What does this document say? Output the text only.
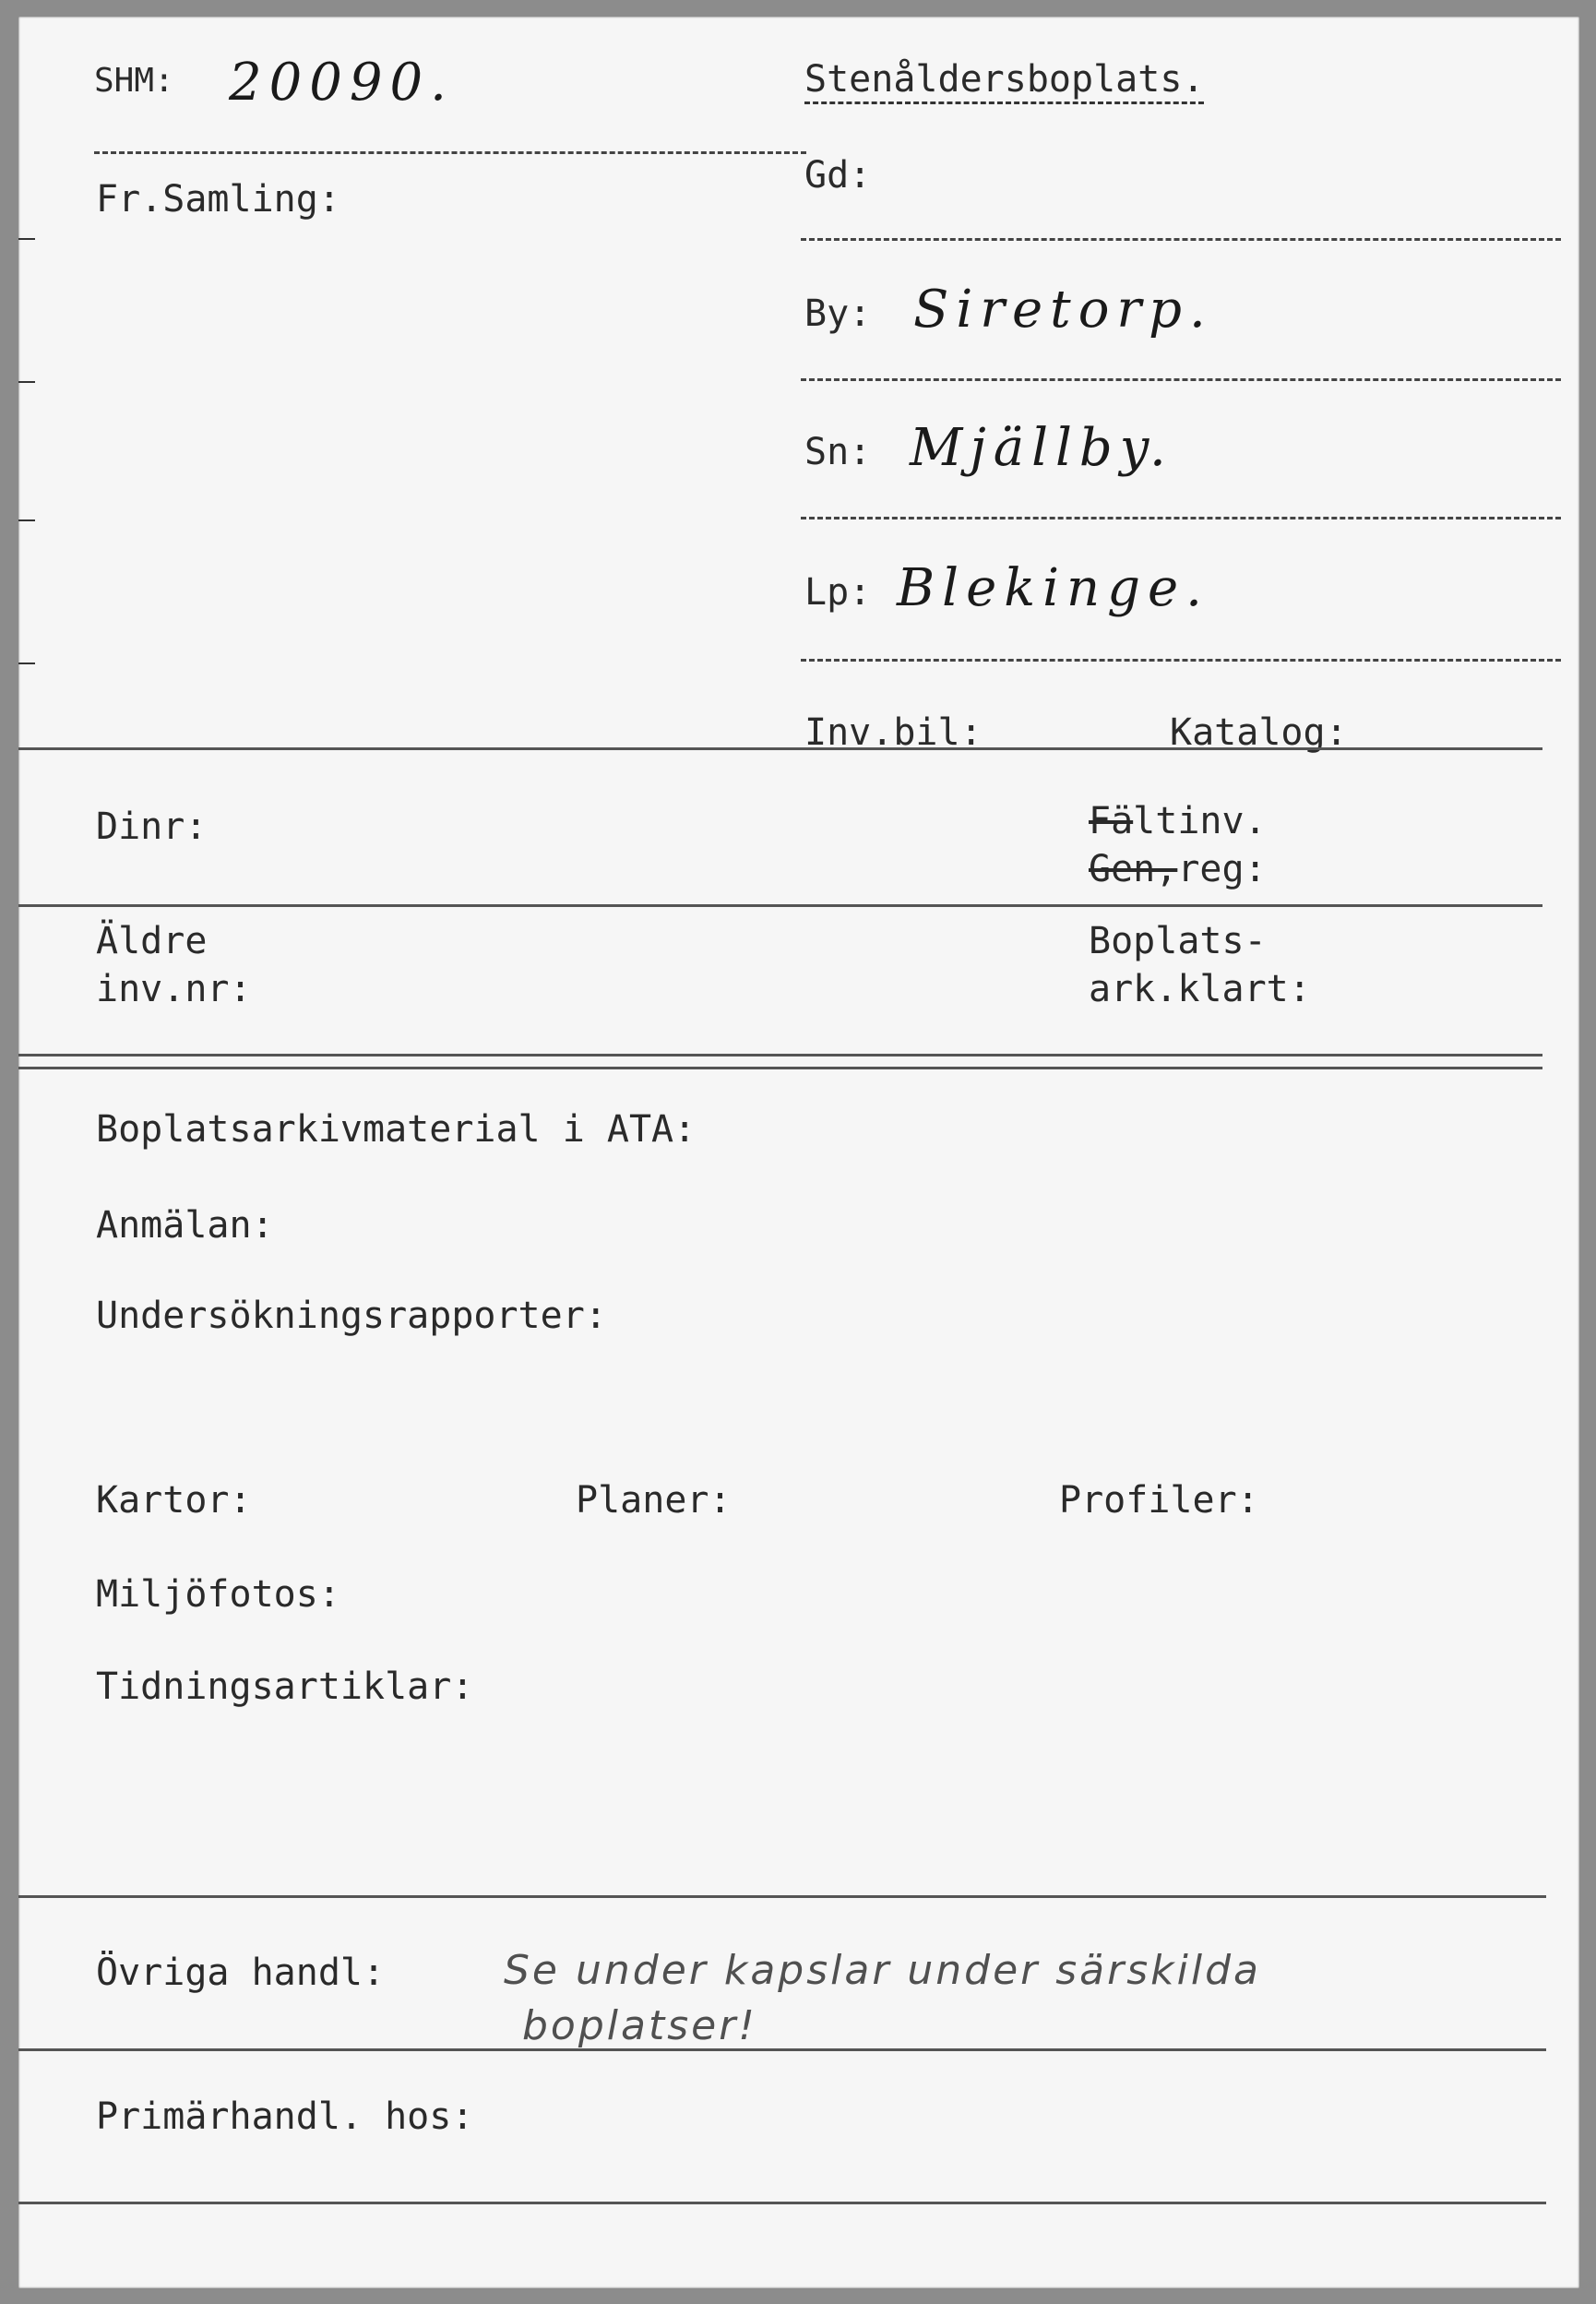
SHM: 20090.	Stenåldersboplats.
Fr.Samling:
Gd:
By: Siretorp.
Sn: Mjällby.
Lp: Blekinge.
Inv.bil:	Katalog:
Dinr:	Fältinv.
Gen,reg:
Äldre
inv.nr:
Boplats-
ark.klart:
Boplatsarkivmaterial i ATA:
Anmälan:
Undersökningsrapporter:
Kartor:	Planer:	Profiler:
Miljöfotos:
Tidningsartiklar:
Övriga handl:	Se under kapslar under särskilda
boplatser!
Primärhandl. hos:
